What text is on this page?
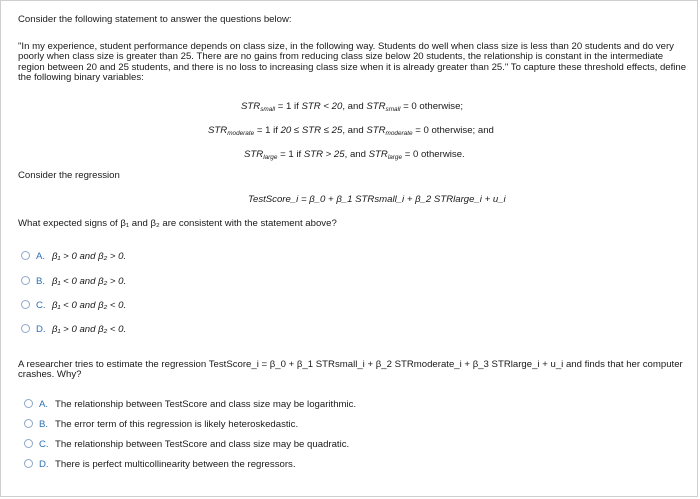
Consider the following statement to answer the questions below:
"In my experience, student performance depends on class size, in the following way. Students do well when class size is less than 20 students and do very poorly when class size is greater than 25. There are no gains from reducing class size below 20 students, the relationship is constant in the intermediate region between 20 and 25 students, and there is no loss to increasing class size when it is already greater than 25." To capture these threshold effects, define the following binary variables:
$STR_{small} = 1$ if STR < 20, and $STR_{small} = 0$ otherwise;
$STR_{moderate} = 1$ if 20 ≤ STR ≤ 25, and $STR_{moderate} = 0$ otherwise; and
$STR_{large} = 1$ if STR > 25, and $STR_{large} = 0$ otherwise.
Consider the regression
TestScore_i = β_0 + β_1 STRsmall_i + β_2 STRlarge_i + u_i
What expected signs of β₁ and β₂ are consistent with the statement above?
A. β₁ > 0 and β₂ > 0.
B. β₁ < 0 and β₂ > 0.
C. β₁ < 0 and β₂ < 0.
D. β₁ > 0 and β₂ < 0.
A researcher tries to estimate the regression TestScore_i = β_0 + β_1 STRsmall_i + β_2 STRmoderate_i + β_3 STRlarge_i + u_i and finds that her computer crashes. Why?
A. The relationship between TestScore and class size may be logarithmic.
B. The error term of this regression is likely heteroskedastic.
C. The relationship between TestScore and class size may be quadratic.
D. There is perfect multicollinearity between the regressors.
